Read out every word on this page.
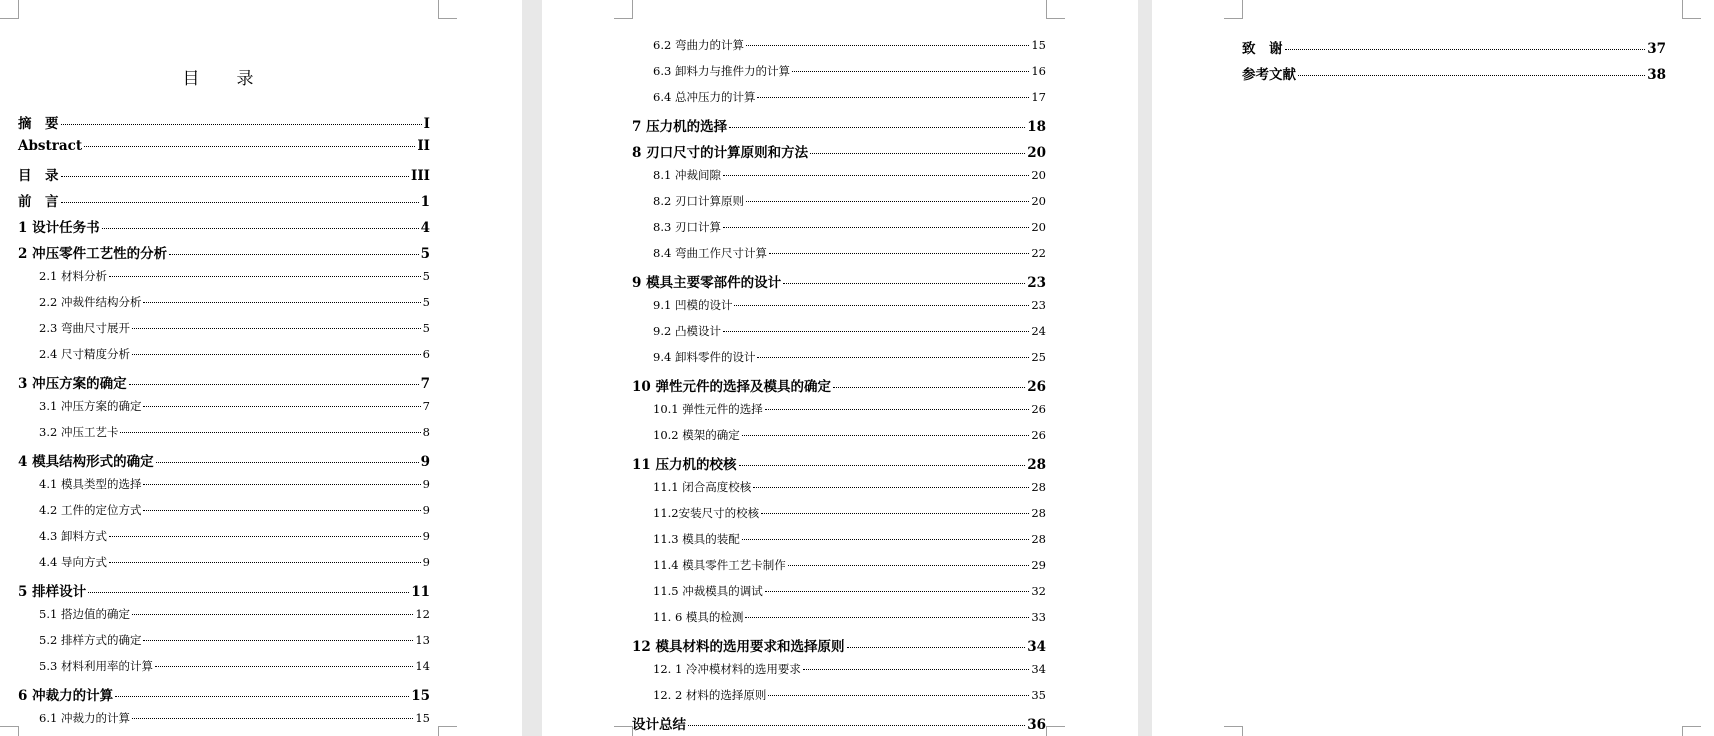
目　录
摘　要	I
Abstract	II
目　录	III
前　言	1
1 设计任务书	4
2 冲压零件工艺性的分析	5
2.1 材料分析	5
2.2 冲裁件结构分析	5
2.3 弯曲尺寸展开	5
2.4 尺寸精度分析	6
3 冲压方案的确定	7
3.1 冲压方案的确定	7
3.2 冲压工艺卡	8
4 模具结构形式的确定	9
4.1 模具类型的选择	9
4.2 工件的定位方式	9
4.3 卸料方式	9
4.4 导向方式	9
5 排样设计	11
5.1 搭边值的确定	12
5.2 排样方式的确定	13
5.3 材料利用率的计算	14
6 冲裁力的计算	15
6.1 冲裁力的计算	15
6.2 弯曲力的计算	15
6.3 卸料力与推件力的计算	16
6.4 总冲压力的计算	17
7 压力机的选择	18
8 刃口尺寸的计算原则和方法	20
8.1 冲裁间隙	20
8.2 刃口计算原则	20
8.3 刃口计算	20
8.4 弯曲工作尺寸计算	22
9 模具主要零部件的设计	23
9.1 凹模的设计	23
9.2 凸模设计	24
9.4 卸料零件的设计	25
10 弹性元件的选择及模具的确定	26
10.1 弹性元件的选择	26
10.2 模架的确定	26
11 压力机的校核	28
11.1 闭合高度校核	28
11.2安装尺寸的校核	28
11.3 模具的装配	28
11.4 模具零件工艺卡制作	29
11.5 冲裁模具的调试	32
11. 6 模具的检测	33
12 模具材料的选用要求和选择原则	34
12. 1 冷冲模材料的选用要求	34
12. 2 材料的选择原则	35
设计总结	36
致　谢	37
参考文献	38
